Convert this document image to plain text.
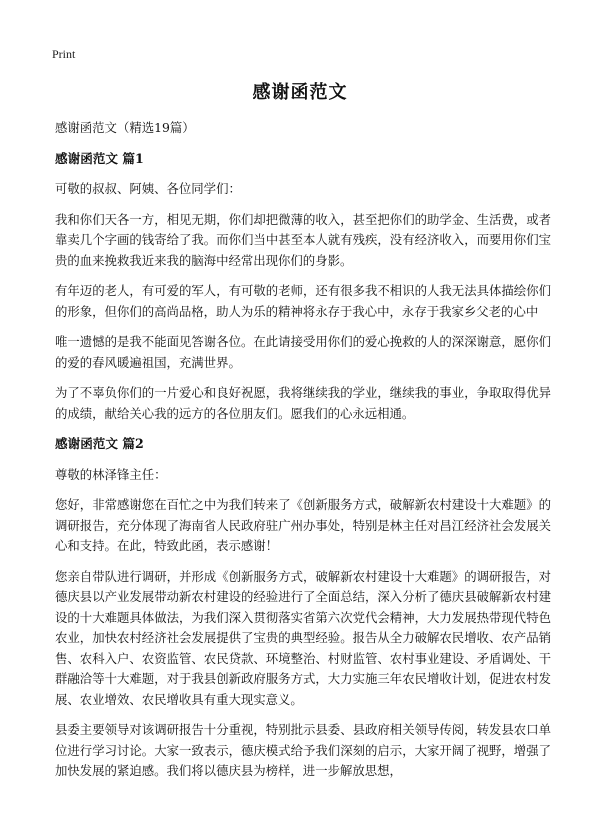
Print
感谢函范文

感谢函范文（精选19篇）

感谢函范文 篇1

可敬的叔叔、阿姨、各位同学们：

我和你们天各一方，相见无期，你们却把微薄的收入，甚至把你们的助学金、生活费，或者靠卖几个字画的钱寄给了我。而你们当中甚至本人就有残疾，没有经济收入，而要用你们宝贵的血来挽救我近来我的脑海中经常出现你们的身影。

有年迈的老人，有可爱的军人，有可敬的老师，还有很多我不相识的人我无法具体描绘你们的形象，但你们的高尚品格，助人为乐的精神将永存于我心中，永存于我家乡父老的心中

唯一遗憾的是我不能面见答谢各位。在此请接受用你们的爱心挽救的人的深深谢意，愿你们的爱的春风暖遍祖国，充满世界。

为了不辜负你们的一片爱心和良好祝愿，我将继续我的学业，继续我的事业，争取取得优异的成绩，献给关心我的远方的各位朋友们。愿我们的心永远相通。

感谢函范文 篇2

尊敬的林泽锋主任：

您好，非常感谢您在百忙之中为我们转来了《创新服务方式，破解新农村建设十大难题》的调研报告，充分体现了海南省人民政府驻广州办事处，特别是林主任对昌江经济社会发展关心和支持。在此，特致此函，表示感谢！

您亲自带队进行调研，并形成《创新服务方式，破解新农村建设十大难题》的调研报告，对德庆县以产业发展带动新农村建设的经验进行了全面总结，深入分析了德庆县破解新农村建设的十大难题具体做法，为我们深入贯彻落实省第六次党代会精神，大力发展热带现代特色农业，加快农村经济社会发展提供了宝贵的典型经验。报告从全力破解农民增收、农产品销售、农科入户、农资监管、农民贷款、环境整治、村财监管、农村事业建设、矛盾调处、干群融洽等十大难题，对于我县创新政府服务方式，大力实施三年农民增收计划，促进农村发展、农业增效、农民增收具有重大现实意义。

县委主要领导对该调研报告十分重视，特别批示县委、县政府相关领导传阅，转发县农口单位进行学习讨论。大家一致表示，德庆模式给予我们深刻的启示，大家开阔了视野，增强了加快发展的紧迫感。我们将以德庆县为榜样，进一步解放思想，
